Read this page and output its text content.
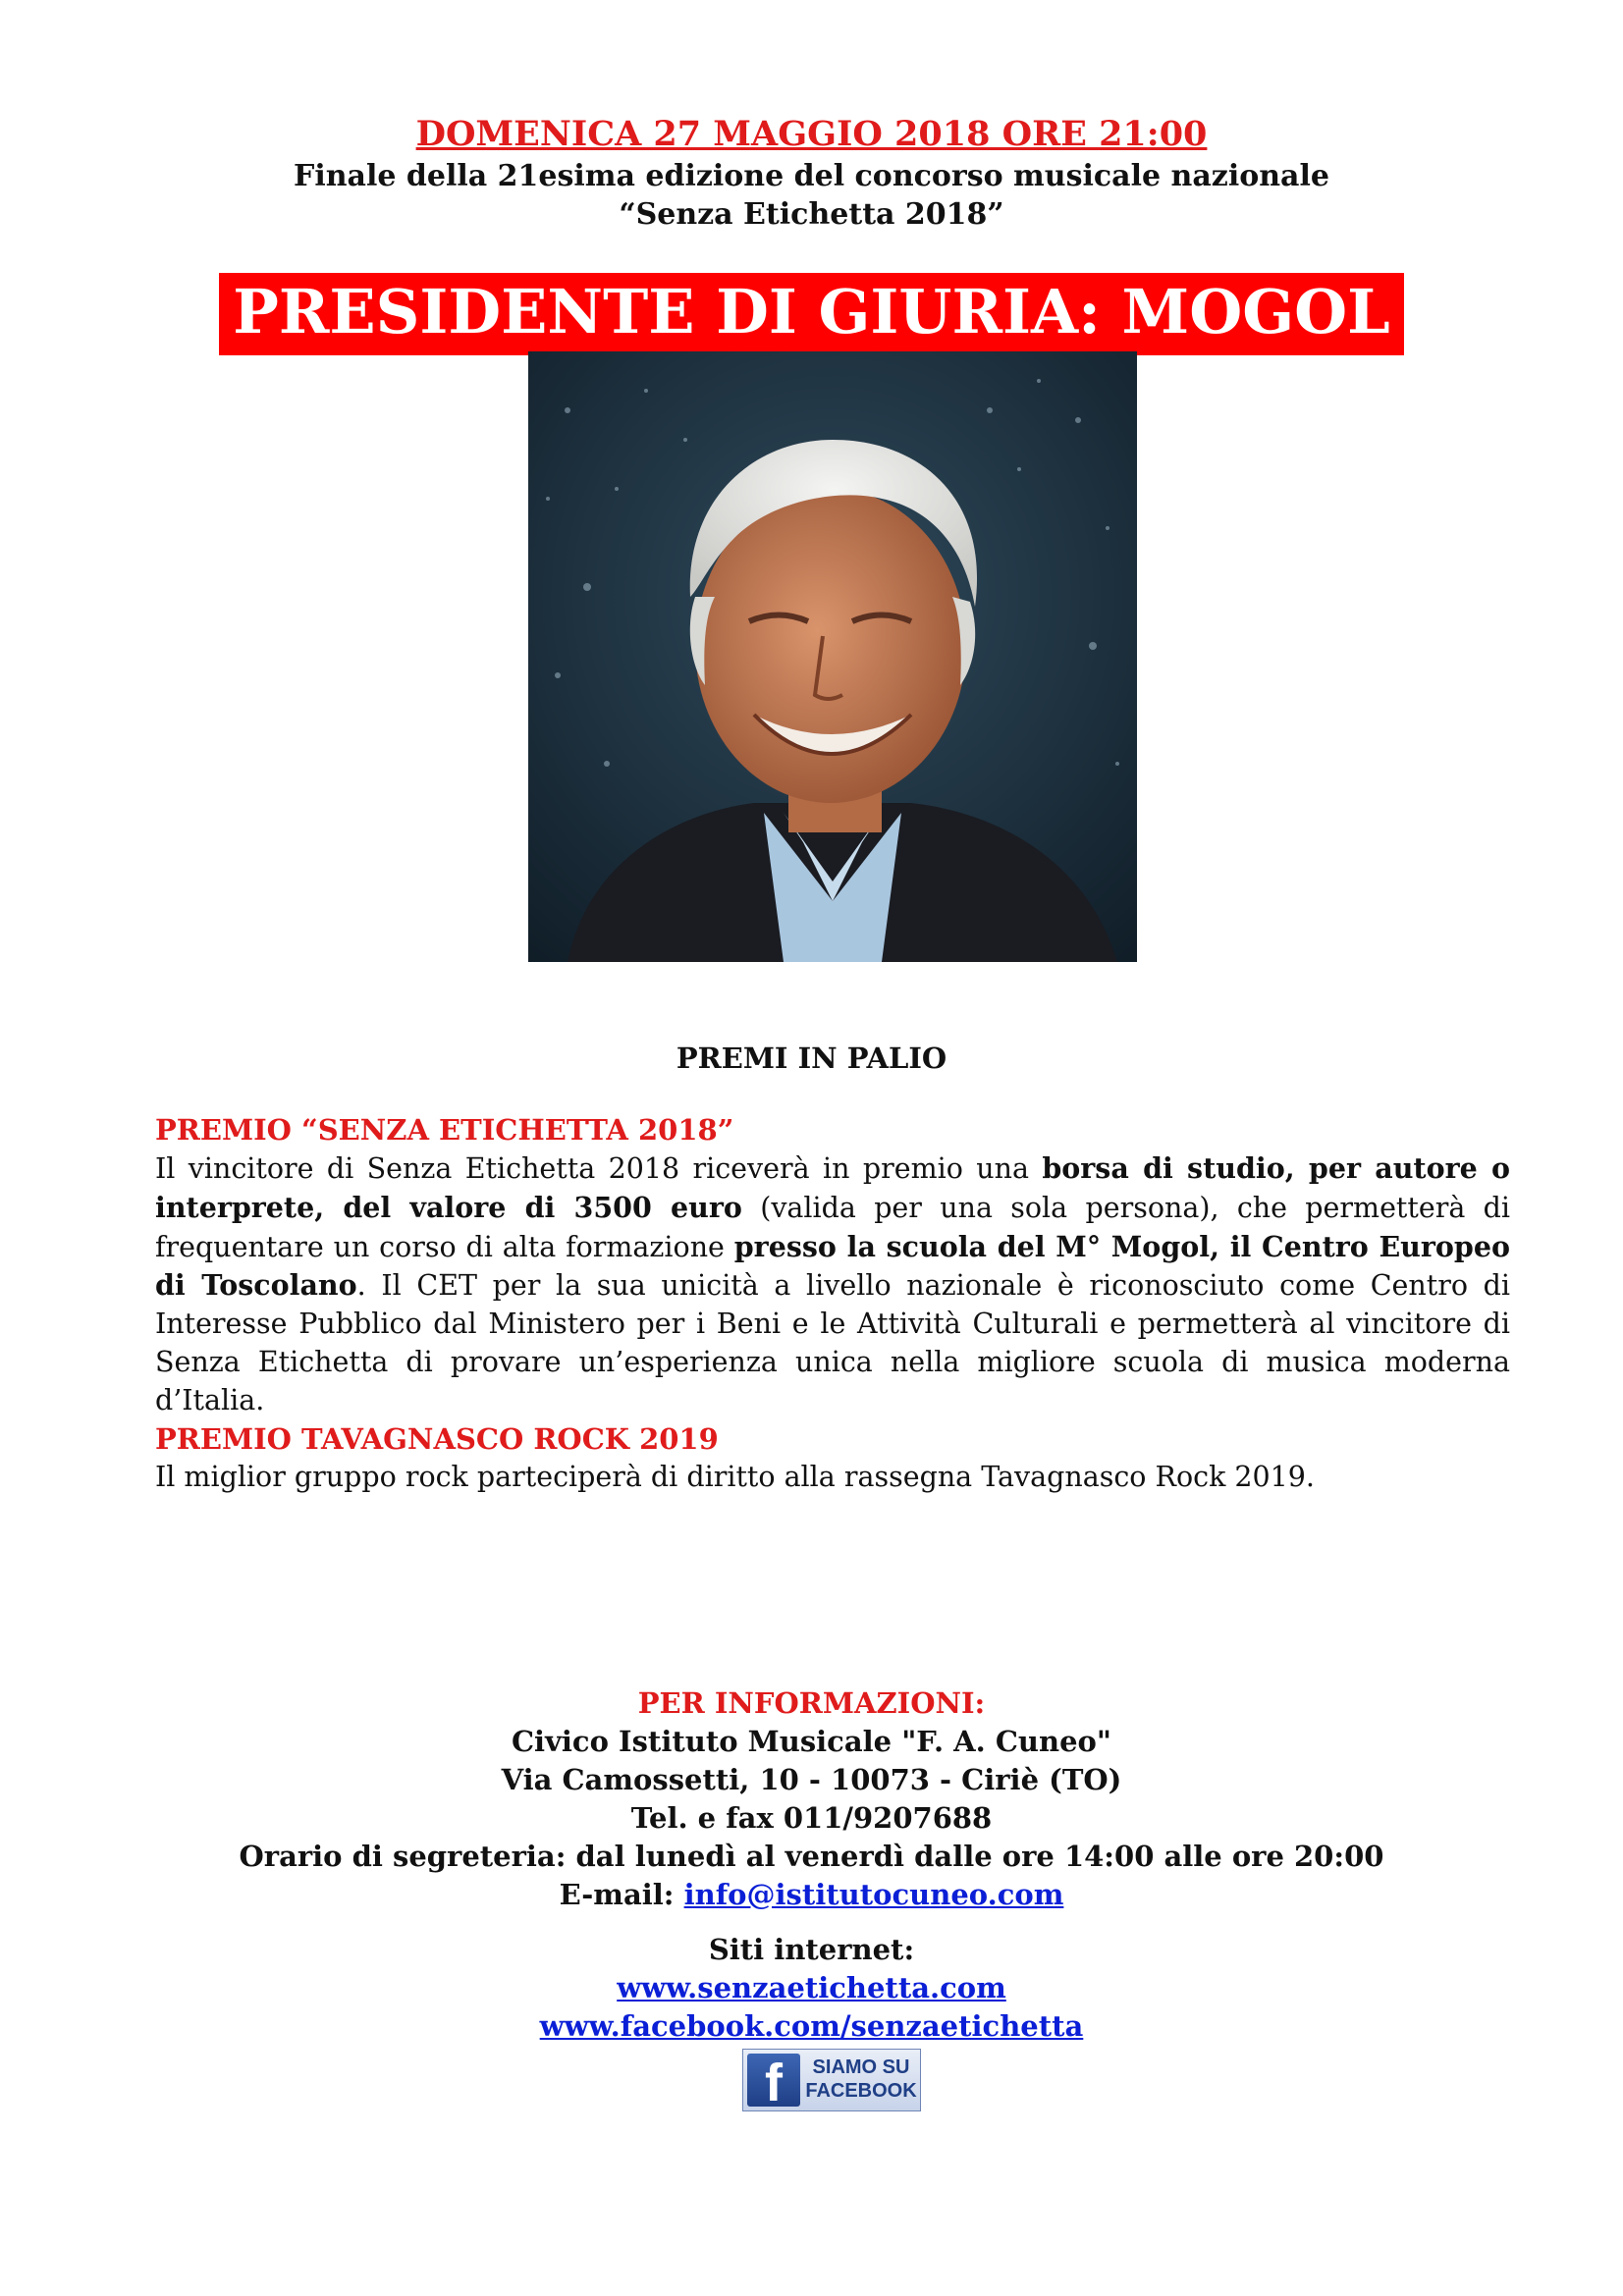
DOMENICA 27 MAGGIO 2018 ORE 21:00
Finale della 21esima edizione del concorso musicale nazionale
“Senza Etichetta 2018”
PRESIDENTE DI GIURIA: MOGOL
PREMI IN PALIO
PREMIO “SENZA ETICHETTA 2018”
Il vincitore di Senza Etichetta 2018 riceverà in premio una borsa di studio, per autore o interprete, del valore di 3500 euro (valida per una sola persona), che permetterà di frequentare un corso di alta formazione presso la scuola del M° Mogol, il Centro Europeo di Toscolano. Il CET per la sua unicità a livello nazionale è riconosciuto come Centro di Interesse Pubblico dal Ministero per i Beni e le Attività Culturali e permetterà al vincitore di Senza Etichetta di provare un’esperienza unica nella migliore scuola di musica moderna d’Italia.
PREMIO TAVAGNASCO ROCK 2019
Il miglior gruppo rock parteciperà di diritto alla rassegna Tavagnasco Rock 2019.
PER INFORMAZIONI:
Civico Istituto Musicale "F. A. Cuneo"
Via Camossetti, 10 - 10073 - Ciriè (TO)
Tel. e fax 011/9207688
Orario di segreteria: dal lunedì al venerdì dalle ore 14:00 alle ore 20:00
E-mail: info@istitutocuneo.com
Siti internet:
www.senzaetichetta.com
www.facebook.com/senzaetichetta
f	SIAMO SU
FACEBOOK
